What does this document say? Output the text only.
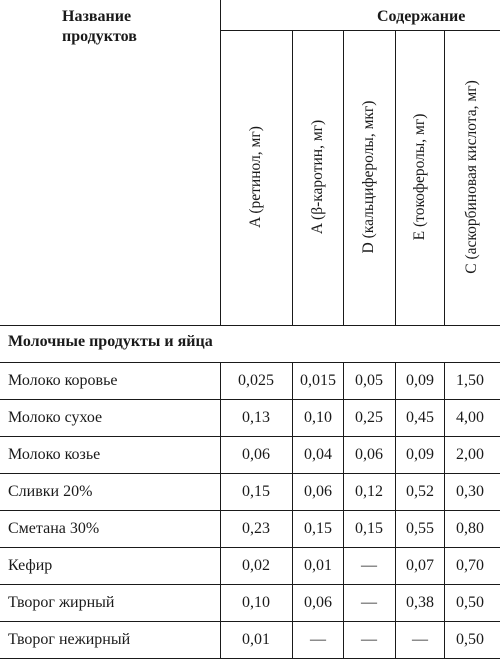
Название продуктов
Содержание
A (ретинол, мг)	A (β-каротин, мг) D (кальциферолы, мкг) E (токоферолы, мг) C (аскорбиновая кислота, мг)
Молочные продукты и яйца
Молоко коровье	0,025 0,015 0,05 0,09 1,50
Молоко сухое	0,13 0,10 0,25 0,45 4,00
Молоко козье	0,06 0,04 0,06 0,09 2,00
Сливки 20%	0,15 0,06 0,12 0,52 0,30
Сметана 30%	0,23 0,15 0,15 0,55 0,80
Кефир	0,02 0,01 — 0,07 0,70
Творог жирный	0,10 0,06 — 0,38 0,50
Творог нежирный	0,01	— — — 0,50
